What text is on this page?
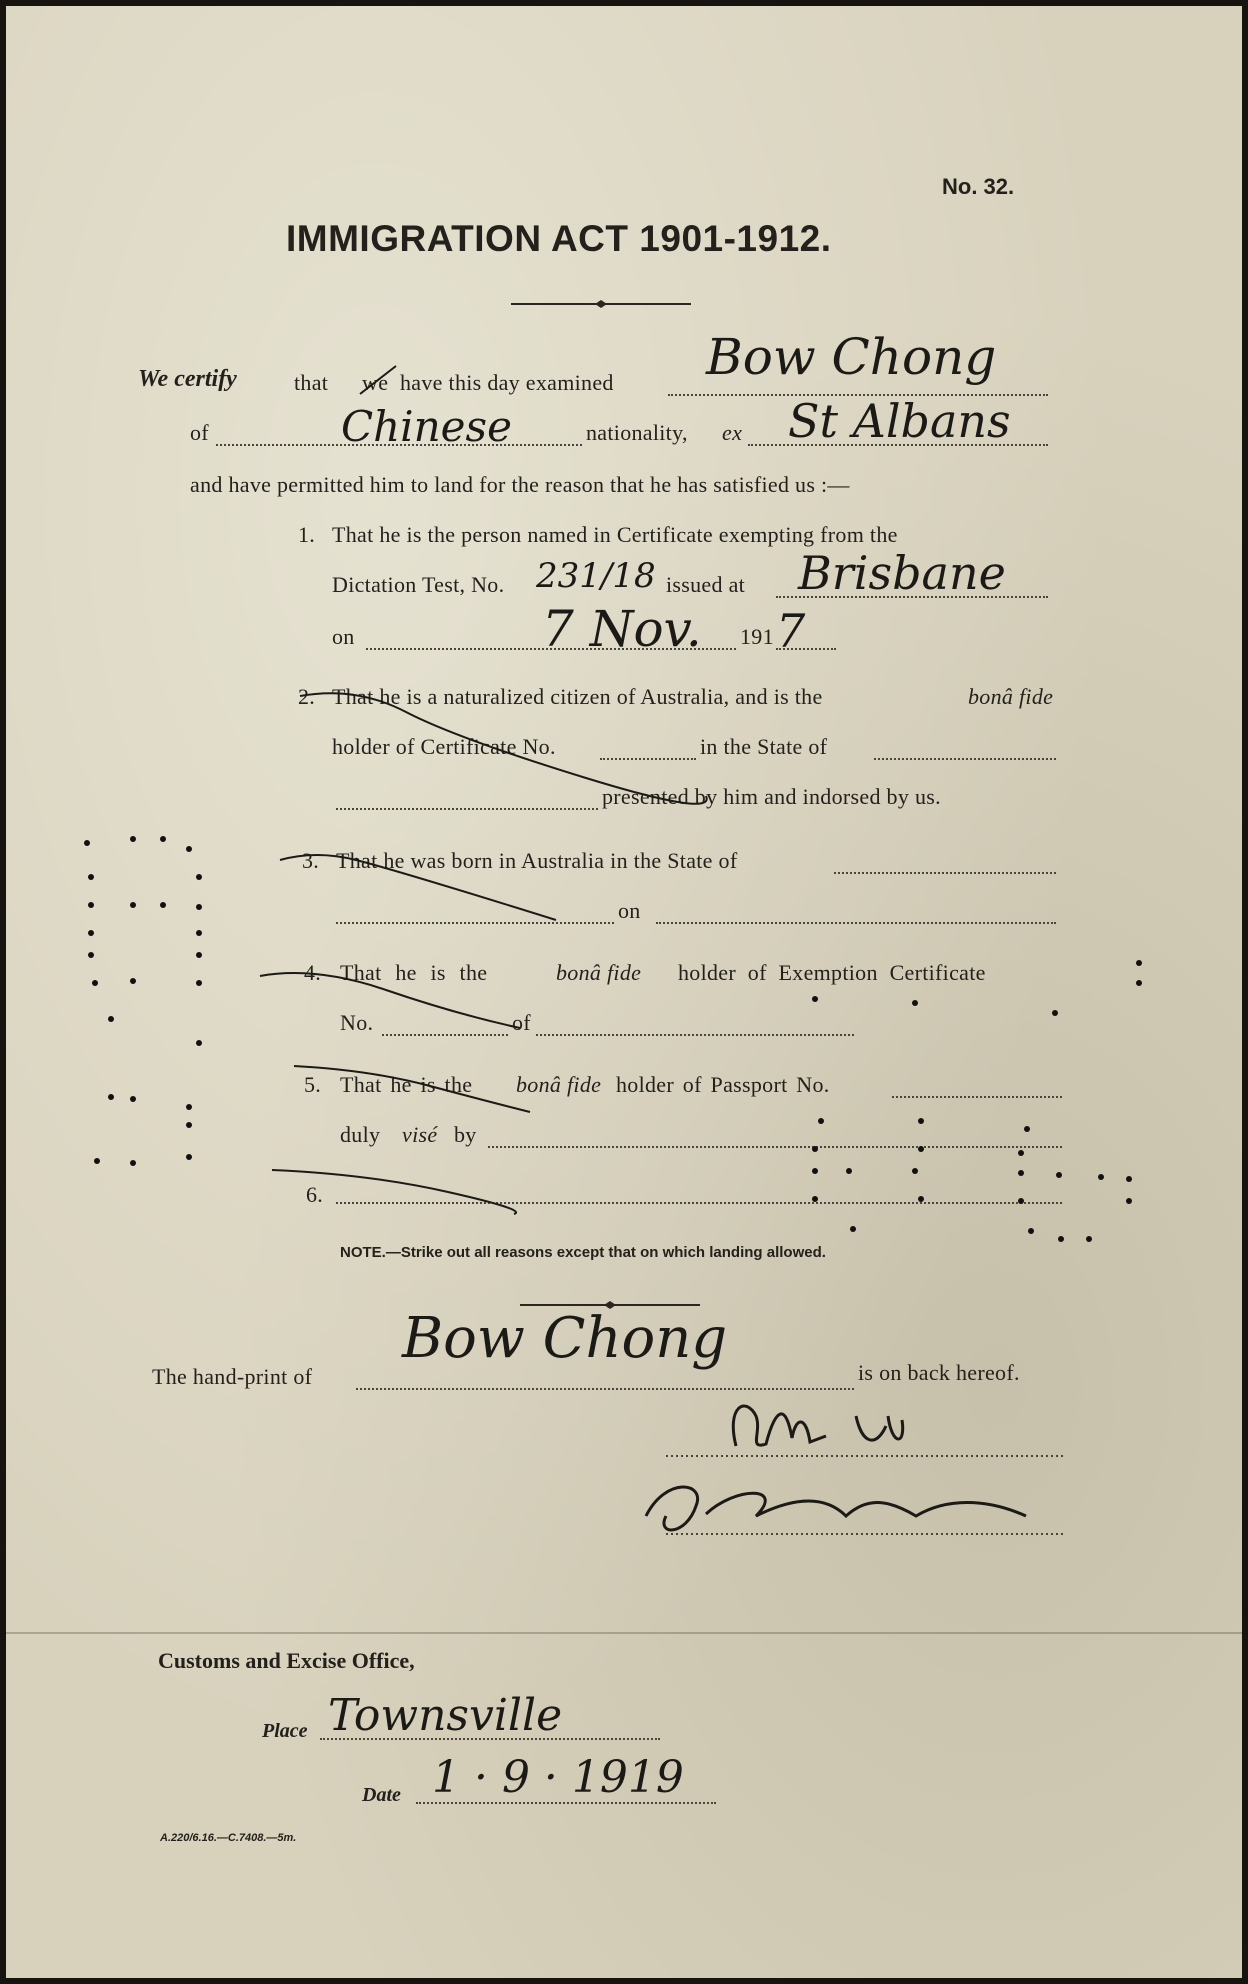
No. 32.
IMMIGRATION ACT 1901-1912.
We certify	that we have this day examined Bow Chong
of	Chinese	nationality, ex St Albans
and have permitted him to land for the reason that he has satisfied us :—
1. That he is the person named in Certificate exempting from the
Dictation Test, No. 231/18 issued at Brisbane
on	7 Nov. 191 7
2. That he is a naturalized citizen of Australia, and is the	bonâ fide
holder of Certificate No.	in the State of
presented by him and indorsed by us.
3. That he was born in Australia in the State of
on
4. That he is the	bonâ fide holder of Exemption Certificate
No.	of
5. That he is the bonâ fide holder of Passport No.
duly visé by
6.
NOTE.—Strike out all reasons except that on which landing allowed.
The hand-print of
Bow Chong
is on back hereof.
Customs and Excise Office,
Place Townsville
Date 1 · 9 · 1919
A.220/6.16.—C.7408.—5m.
